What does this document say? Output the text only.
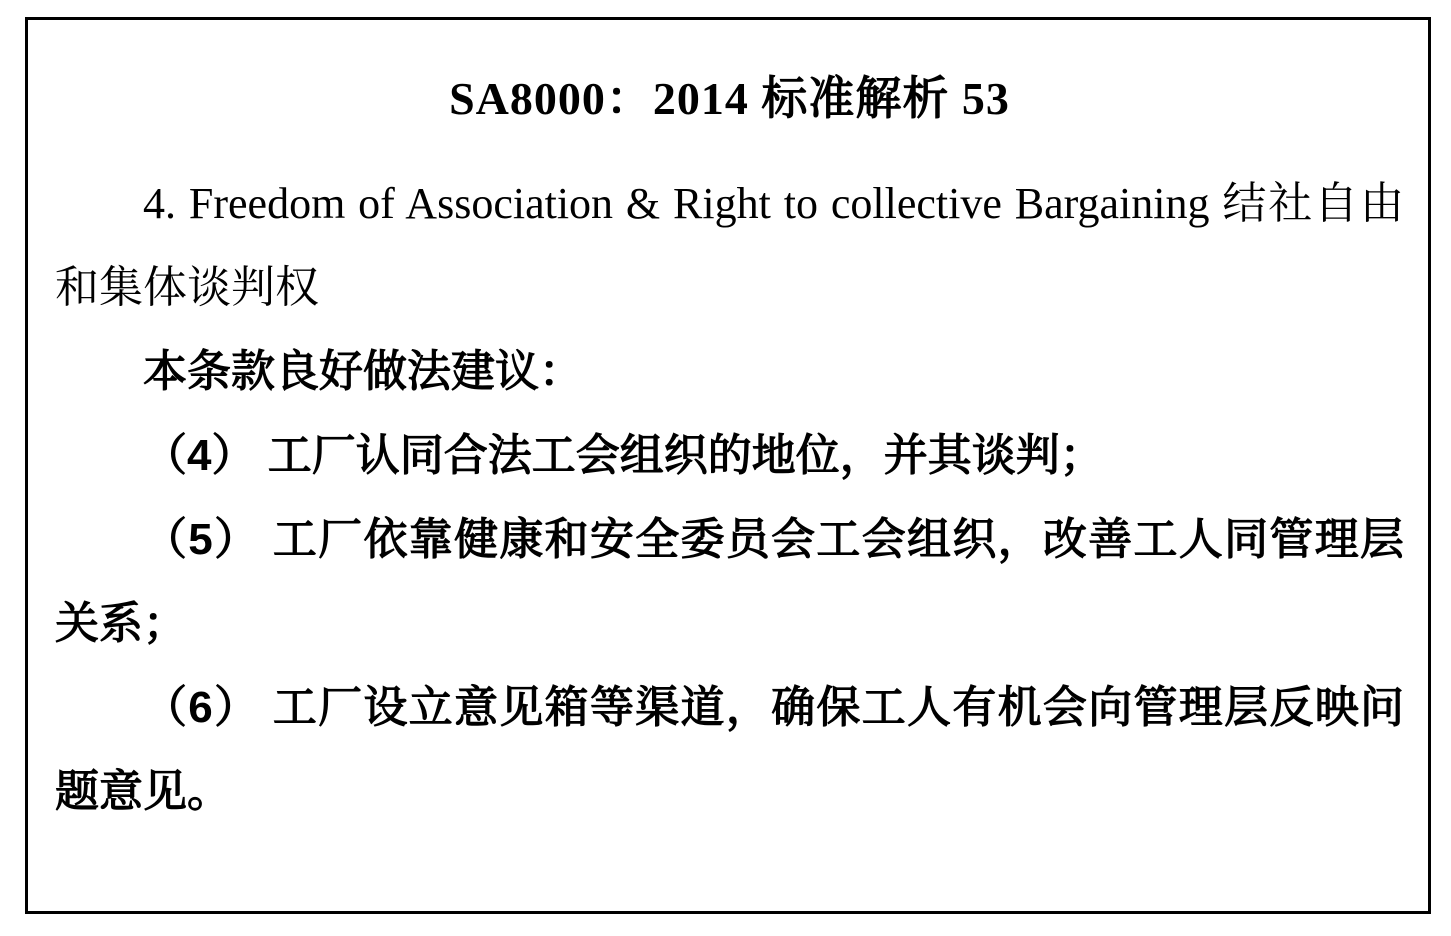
SA8000：2014 标准解析 53

4. Freedom of Association & Right to collective Bargaining 结社自由和集体谈判权

本条款良好做法建议：

（4） 工厂认同合法工会组织的地位，并其谈判；

（5） 工厂依靠健康和安全委员会工会组织，改善工人同管理层关系；

（6） 工厂设立意见箱等渠道，确保工人有机会向管理层反映问题意见。
